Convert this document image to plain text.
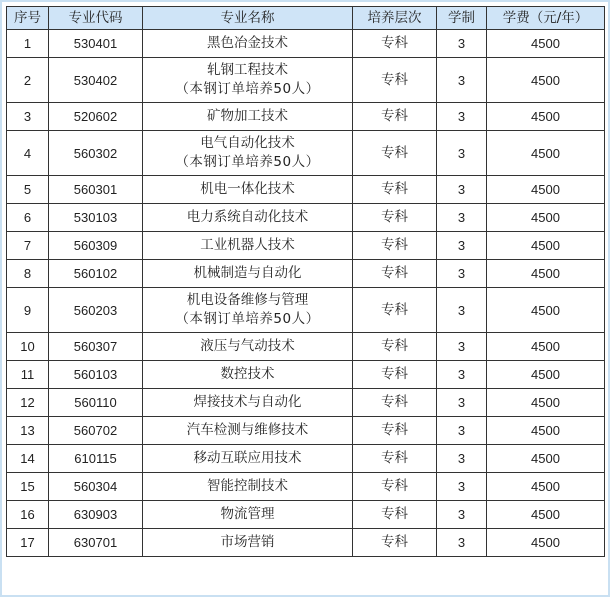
序号	专业代码	专业名称	培养层次	学制	学费（元/年）
1	530401	黑色冶金技术	专科	3	4500
2	530402	轧钢工程技术
（本钢订单培养50人）	专科	3	4500
3	520602	矿物加工技术	专科	3	4500
4	560302	电气自动化技术
（本钢订单培养50人）	专科	3	4500
5	560301	机电一体化技术	专科	3	4500
6	530103	电力系统自动化技术	专科	3	4500
7	560309	工业机器人技术	专科	3	4500
8	560102	机械制造与自动化	专科	3	4500
9	560203	机电设备维修与管理
（本钢订单培养50人）	专科	3	4500
10	560307	液压与气动技术	专科	3	4500
11	560103	数控技术	专科	3	4500
12	560110	焊接技术与自动化	专科	3	4500
13	560702	汽车检测与维修技术	专科	3	4500
14	610115	移动互联应用技术	专科	3	4500
15	560304	智能控制技术	专科	3	4500
16	630903	物流管理	专科	3	4500
17	630701	市场营销	专科	3	4500
